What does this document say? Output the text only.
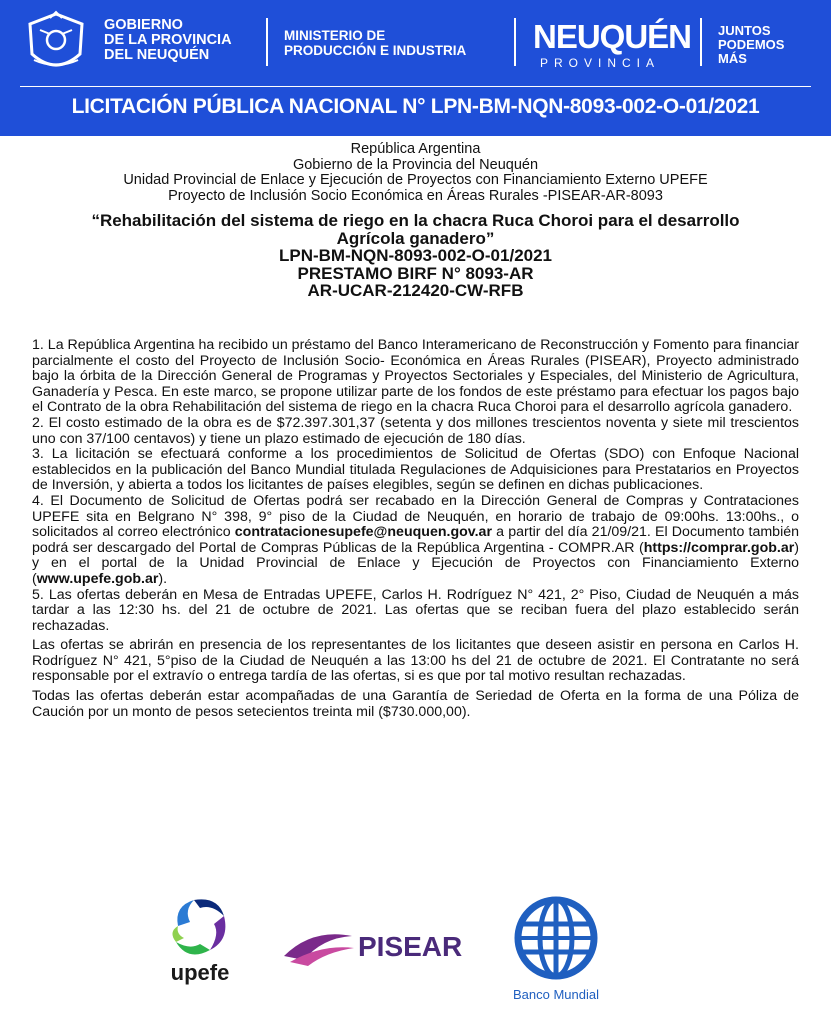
GOBIERNO
DE LA PROVINCIA
DEL NEUQUÉN
MINISTERIO DE
PRODUCCIÓN E INDUSTRIA NEUQUÉN
PROVINCIA
JUNTOS
PODEMOS
MÁS
LICITACIÓN PÚBLICA NACIONAL N° LPN-BM-NQN-8093-002-O-01/2021
República Argentina
Gobierno de la Provincia del Neuquén
Unidad Provincial de Enlace y Ejecución de Proyectos con Financiamiento Externo UPEFE
Proyecto de Inclusión Socio Económica en Áreas Rurales -PISEAR-AR-8093
“Rehabilitación del sistema de riego en la chacra Ruca Choroi para el desarrollo
Agrícola ganadero”
LPN-BM-NQN-8093-002-O-01/2021
PRESTAMO BIRF N° 8093-AR
AR-UCAR-212420-CW-RFB

1. La República Argentina ha recibido un préstamo del Banco Interamericano de Reconstrucción y Fomento para financiar parcialmente el costo del Proyecto de Inclusión Socio- Económica en Áreas Rurales (PISEAR), Proyecto administrado bajo la órbita de la Dirección General de Programas y Proyectos Sectoriales y Especiales, del Ministerio de Agricultura, Ganadería y Pesca. En este marco, se propone utilizar parte de los fondos de este préstamo para efectuar los pagos bajo el Contrato de la obra Rehabilitación del sistema de riego en la chacra Ruca Choroi para el desarrollo agrícola ganadero.

2. El costo estimado de la obra es de $72.397.301,37 (setenta y dos millones trescientos noventa y siete mil trescientos uno con 37/100 centavos) y tiene un plazo estimado de ejecución de 180 días.

3. La licitación se efectuará conforme a los procedimientos de Solicitud de Ofertas (SDO) con Enfoque Nacional establecidos en la publicación del Banco Mundial titulada Regulaciones de Adquisiciones para Prestatarios en Proyectos de Inversión, y abierta a todos los licitantes de países elegibles, según se definen en dichas publicaciones.

4. El Documento de Solicitud de Ofertas podrá ser recabado en la Dirección General de Compras y Contrataciones UPEFE sita en Belgrano N° 398, 9° piso de la Ciudad de Neuquén, en horario de trabajo de 09:00hs. 13:00hs., o solicitados al correo electrónico contratacionesupefe@neuquen.gov.ar a partir del día 21/09/21. El Documento también podrá ser descargado del Portal de Compras Públicas de la República Argentina - COMPR.AR (https://comprar.gob.ar) y en el portal de la Unidad Provincial de Enlace y Ejecución de Proyectos con Financiamiento Externo (www.upefe.gob.ar).

5. Las ofertas deberán en Mesa de Entradas UPEFE, Carlos H. Rodríguez N° 421, 2° Piso, Ciudad de Neuquén a más tardar a las 12:30 hs. del 21 de octubre de 2021. Las ofertas que se reciban fuera del plazo establecido serán rechazadas.

Las ofertas se abrirán en presencia de los representantes de los licitantes que deseen asistir en persona en Carlos H. Rodríguez N° 421, 5°piso de la Ciudad de Neuquén a las 13:00 hs del 21 de octubre de 2021. El Contratante no será responsable por el extravío o entrega tardía de las ofertas, si es que por tal motivo resultan rechazadas.

Todas las ofertas deberán estar acompañadas de una Garantía de Seriedad de Oferta en la forma de una Póliza de Caución por un monto de pesos setecientos treinta mil ($730.000,00).

upefe
PISEAR
Banco Mundial
